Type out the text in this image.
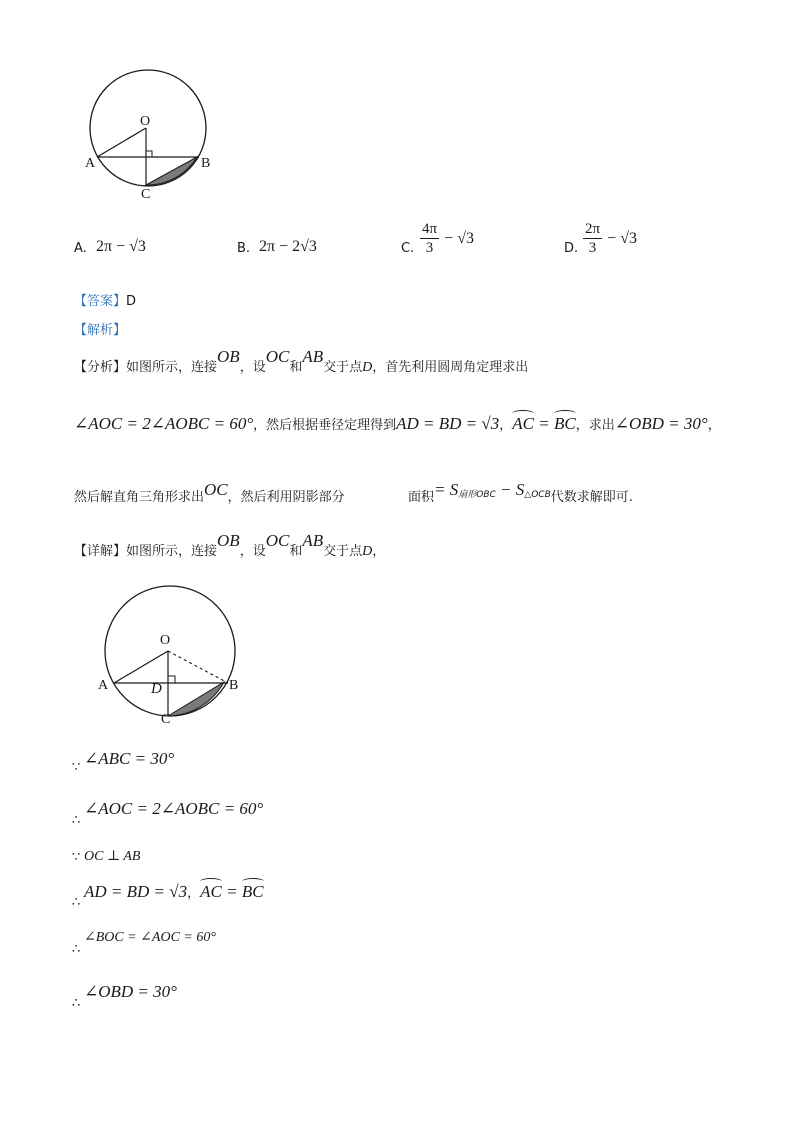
O
A	B
C
A. 2π − √3	B. 2π − 2√3	C. $\frac{4\pi}{3} - √3$
D. $\frac{2\pi}{3} - √3$
【答案】D
【解析】
【分析】如图所示，连接OB，设OC和AB交于点D，首先利用圆周角定理求出
∠AOC = 2∠AOBC = 60°，然后根据垂径定理得到AD = BD = √3，AC = BC，求出∠OBD = 30°，
然后解直角三角形求出OC，然后利用阴影部分	面积= $S^{扇形OBC} - S^{\triangle OCB}$代数求解即可.
【详解】如图所示，连接OB，设OC和AB交于点D，
O
A	B
C
D
∵ ∠ABC = 30°
∴
∠AOC = 2∠AOBC = 60°
∵ OC ⊥ AB
∴
AD = BD = √3，AC = BC
∴
∠BOC = ∠AOC = 60°
∴
∠OBD = 30°
